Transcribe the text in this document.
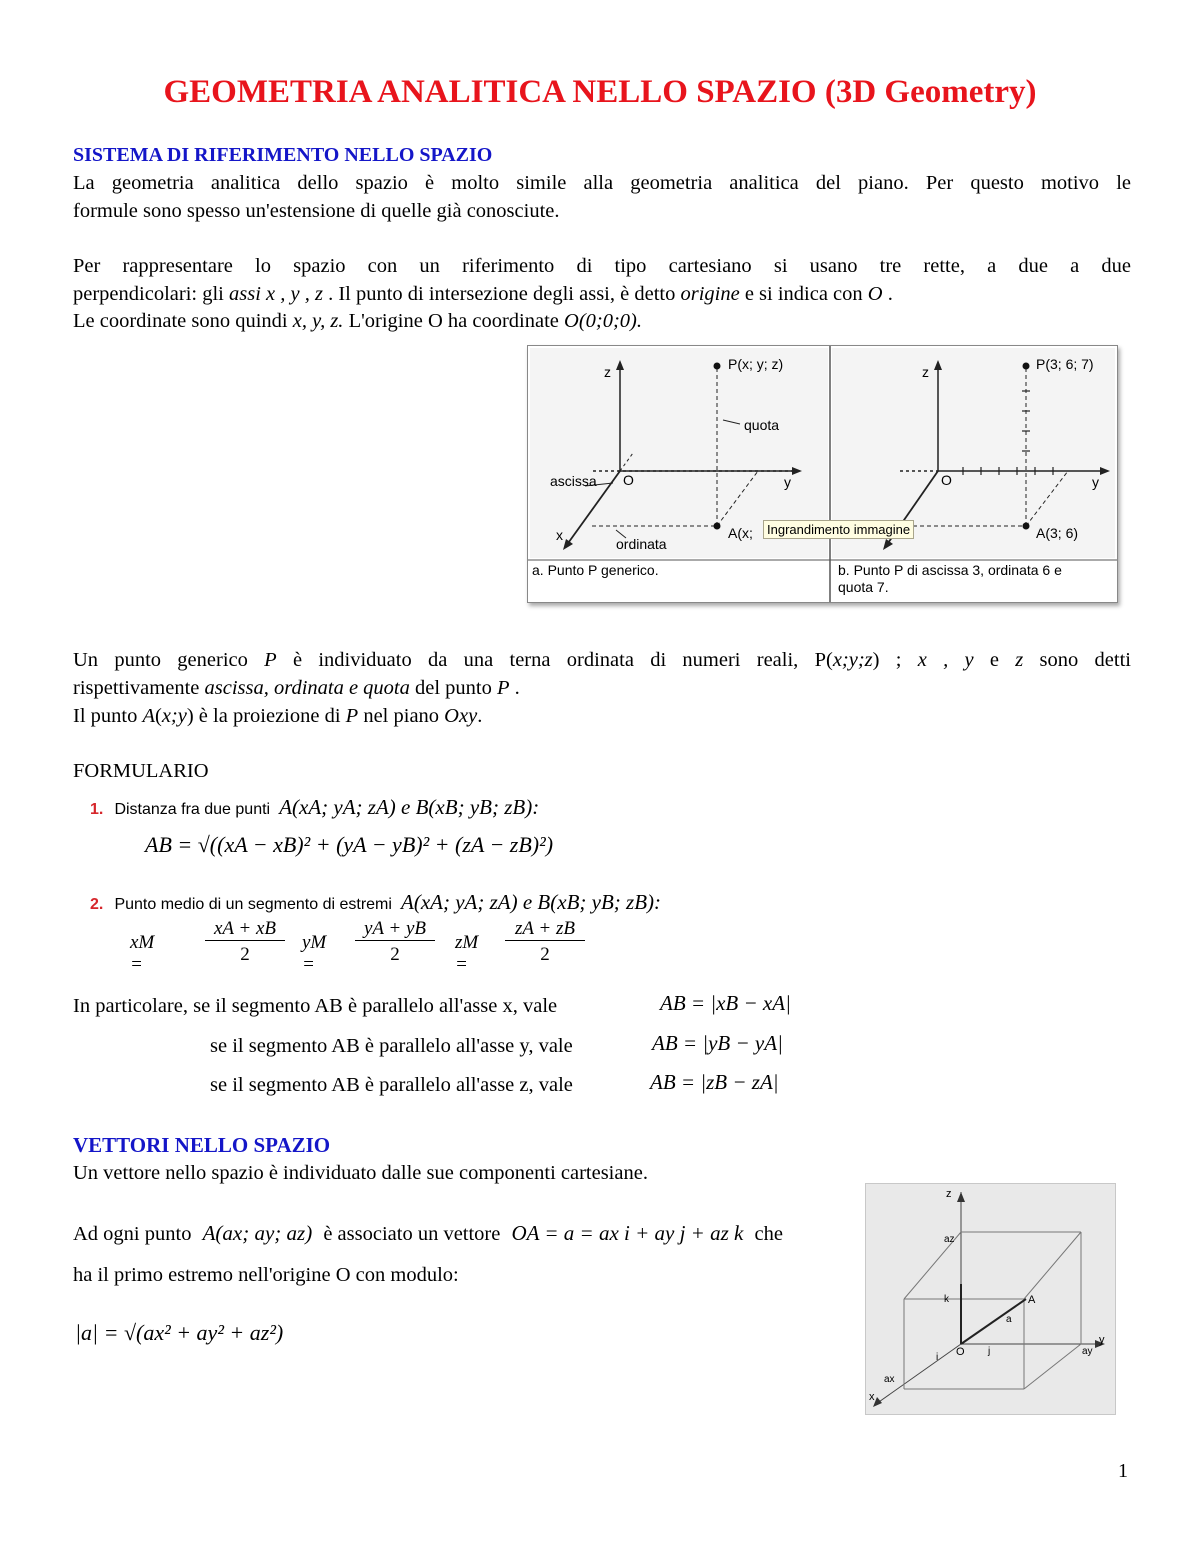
GEOMETRIA ANALITICA NELLO SPAZIO (3D Geometry)
SISTEMA DI RIFERIMENTO NELLO SPAZIO
La geometria analitica dello spazio è molto simile alla geometria analitica del piano. Per questo motivo le
formule sono spesso un'estensione di quelle già conosciute.
Per rappresentare lo spazio con un riferimento di tipo cartesiano si usano tre rette, a due a due
perpendicolari: gli assi x , y , z . Il punto di intersezione degli assi, è detto origine e si indica con O .
Le coordinate sono quindi x, y, z. L'origine O ha coordinate O(0;0;0).
z
y
x
O
P(x; y; z)
quota
ascissa
ordinata
A(x;	Ingrandimento immagine
a. Punto P generico.
z
y
O
P(3; 6; 7)
A(3; 6)
b. Punto P di ascissa 3, ordinata 6 e
quota 7.
Un punto generico P è individuato da una terna ordinata di numeri reali, P(x;y;z) ; x , y e z sono detti
rispettivamente ascissa, ordinata e quota del punto P .
Il punto A(x;y) è la proiezione di P nel piano Oxy.
FORMULARIO
1. Distanza fra due punti A(xA; yA; zA) e B(xB; yB; zB):
AB = √((xA − xB)² + (yA − yB)² + (zA − zB)²)
2. Punto medio di un segmento di estremi A(xA; yA; zA) e B(xB; yB; zB):
xM =
xA + xB
2
yM =
yA + yB
2
zM =
zA + zB
2
In particolare, se il segmento AB è parallelo all'asse x, vale	AB = |xB − xA|
se il segmento AB è parallelo all'asse y, vale	AB = |yB − yA|
se il segmento AB è parallelo all'asse z, vale	AB = |zB − zA|
VETTORI NELLO SPAZIO
Un vettore nello spazio è individuato dalle sue componenti cartesiane.
Ad ogni punto A(ax; ay; az) è associato un vettore OA = a = ax i + ay j + az k che
ha il primo estremo nell'origine O con modulo:
|a| = √(ax² + ay² + az²)
z
y
x
O
A
az
ay
ax
k
i
j
a
1
